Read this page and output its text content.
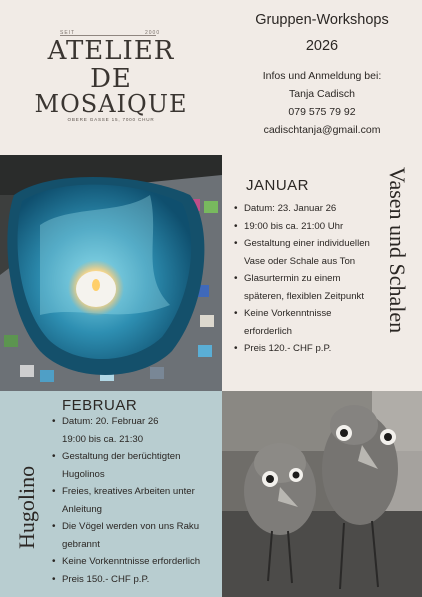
SEIT	2000
ATELIER
DE
MOSAIQUE
OBERE GASSE 15, 7000 CHUR
Gruppen-Workshops
2026
Infos und Anmeldung bei:
Tanja Cadisch
079 575 79 92
cadischtanja@gmail.com
JANUAR	Vasen und Schalen
• Datum: 23. Januar 26
• 19:00 bis ca. 21:00 Uhr
• Gestaltung einer individuellen
Vase oder Schale aus Ton
• Glasurtermin zu einem
späteren, flexiblen Zeitpunkt
• Keine Vorkenntnisse
erforderlich
• Preis 120.- CHF p.P.
FEBRUAR
Hugolino
• Datum: 20. Februar 26
19:00 bis ca. 21:30
• Gestaltung der berüchtigten
Hugolinos
• Freies, kreatives Arbeiten unter
Anleitung
• Die Vögel werden von uns Raku
gebrannt
• Keine Vorkenntnisse erforderlich
• Preis 150.- CHF p.P.
